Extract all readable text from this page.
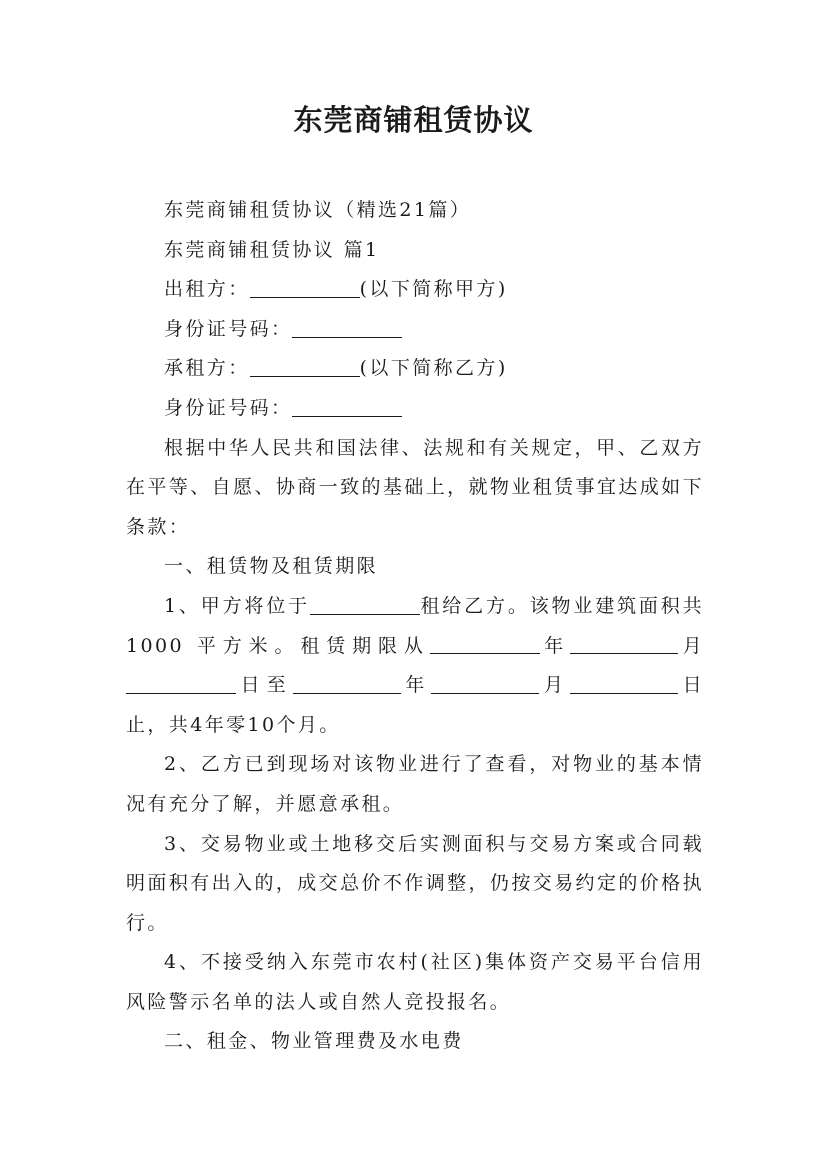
东莞商铺租赁协议

东莞商铺租赁协议（精选21篇）

东莞商铺租赁协议 篇1

出租方：	(以下简称甲方)

身份证号码：

承租方：	(以下简称乙方)

身份证号码：

根据中华人民共和国法律、法规和有关规定，甲、乙双方在平等、自愿、协商一致的基础上，就物业租赁事宜达成如下条款：

一、租赁物及租赁期限

1、甲方将位于	租给乙方。该物业建筑面积共1000 平方米。租赁期限从	年	月日至	年	月	日止，共4年零10个月。

2、乙方已到现场对该物业进行了查看，对物业的基本情况有充分了解，并愿意承租。

3、交易物业或土地移交后实测面积与交易方案或合同载明面积有出入的，成交总价不作调整，仍按交易约定的价格执行。

4、不接受纳入东莞市农村(社区)集体资产交易平台信用风险警示名单的法人或自然人竞投报名。

二、租金、物业管理费及水电费
